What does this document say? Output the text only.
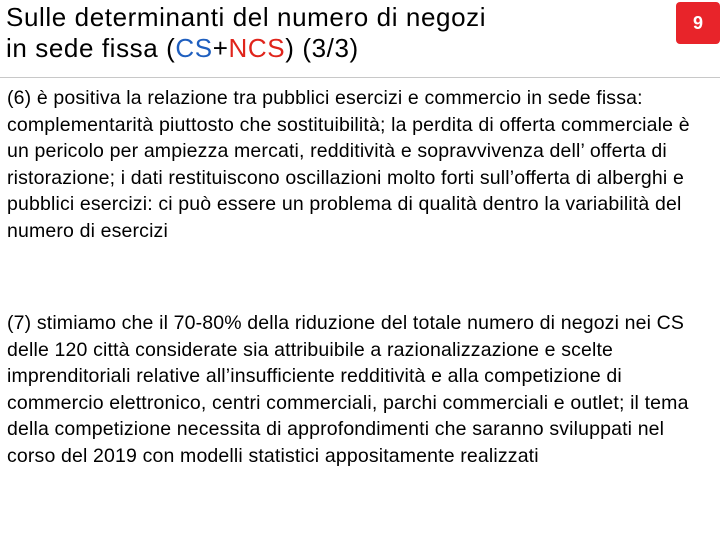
Sulle determinanti del numero di negozi
in sede fissa (CS+NCS) (3/3)
9

(6) è positiva la relazione tra pubblici esercizi e commercio in sede fissa: complementarità piuttosto che sostituibilità; la perdita di offerta commerciale è un pericolo per ampiezza mercati, redditività e sopravvivenza dell’ offerta di ristorazione; i dati restituiscono oscillazioni molto forti sull’offerta di alberghi e pubblici esercizi: ci può essere un problema di qualità dentro la variabilità del numero di esercizi

(7) stimiamo che il 70-80% della riduzione del totale numero di negozi nei CS delle 120 città considerate sia attribuibile a razionalizzazione e scelte imprenditoriali relative all’insufficiente redditività e alla competizione di commercio elettronico, centri commerciali, parchi commerciali e outlet; il tema della competizione necessita di approfondimenti che saranno sviluppati nel corso del 2019 con modelli statistici appositamente realizzati
